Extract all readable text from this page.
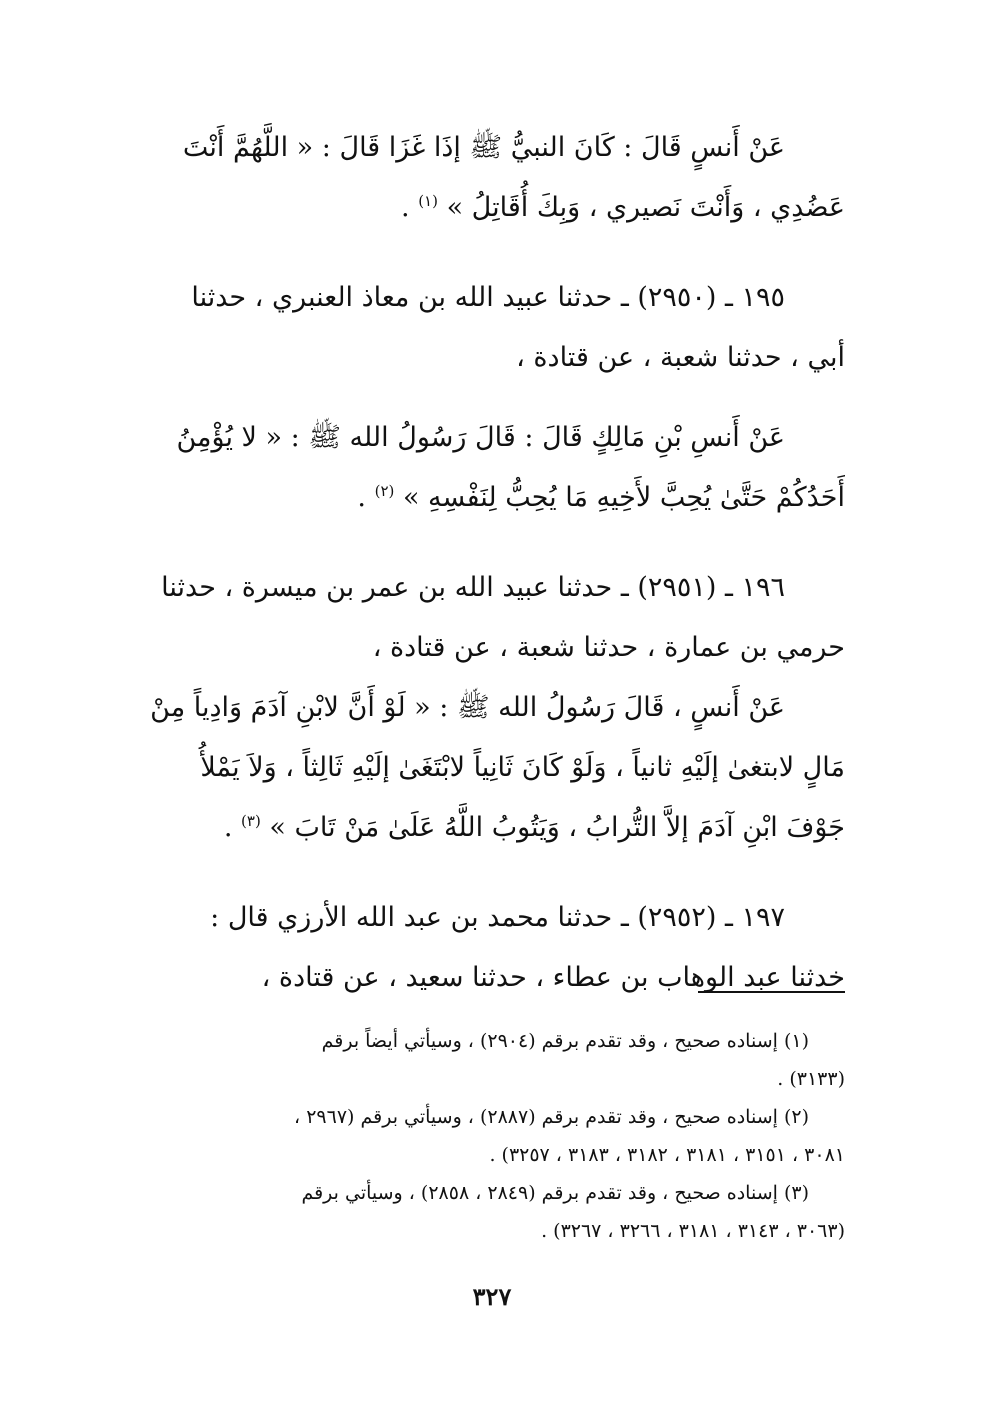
عَنْ أَنسٍ قَالَ : كَانَ النبيُّ ﷺ إذَا غَزَا قَالَ : « اللَّهُمَّ أَنْتَ
عَضُدِي ، وَأَنْتَ نَصيري ، وَبِكَ أُقَاتِلُ » $^{(١)}$ .
١٩٥ ـ (٢٩٥٠) ـ حدثنا عبيد الله بن معاذ العنبري ، حدثنا
أبي ، حدثنا شعبة ، عن قتادة ،
عَنْ أَنسِ بْنِ مَالِكٍ قَالَ : قَالَ رَسُولُ الله ﷺ : « لا يُؤْمِنُ
أَحَدُكُمْ حَتَّىٰ يُحِبَّ لأَخِيهِ مَا يُحِبُّ لِنَفْسِهِ » $^{(٢)}$ .
١٩٦ ـ (٢٩٥١) ـ حدثنا عبيد الله بن عمر بن ميسرة ، حدثنا
حرمي بن عمارة ، حدثنا شعبة ، عن قتادة ،
عَنْ أَنسٍ ، قَالَ رَسُولُ الله ﷺ : « لَوْ أَنَّ لابْنِ آدَمَ وَادِياً مِنْ
مَالٍ لابتغىٰ إلَيْهِ ثانياً ، وَلَوْ كَانَ ثَانِياً لابْتَغَىٰ إلَيْهِ ثَالِثاً ، وَلاَ يَمْلأُ
جَوْفَ ابْنِ آدَمَ إلاَّ التُّرابُ ، وَيَتُوبُ اللَّهُ عَلَىٰ مَنْ تَابَ » $^{(٣)}$ .
١٩٧ ـ (٢٩٥٢) ـ حدثنا محمد بن عبد الله الأرزي قال :
خدثنا عبد الوهاب بن عطاء ، حدثنا سعيد ، عن قتادة ،
(١) إسناده صحيح ، وقد تقدم برقم (٢٩٠٤) ، وسيأتي أيضاً برقم
(٣١٣٣) .
(٢) إسناده صحيح ، وقد تقدم برقم (٢٨٨٧) ، وسيأتي برقم (٢٩٦٧ ،
٣٠٨١ ، ٣١٥١ ، ٣١٨١ ، ٣١٨٢ ، ٣١٨٣ ، ٣٢٥٧) .
(٣) إسناده صحيح ، وقد تقدم برقم (٢٨٤٩ ، ٢٨٥٨) ، وسيأتي برقم
(٣٠٦٣ ، ٣١٤٣ ، ٣١٨١ ، ٣٢٦٦ ، ٣٢٦٧) .
٣٢٧
